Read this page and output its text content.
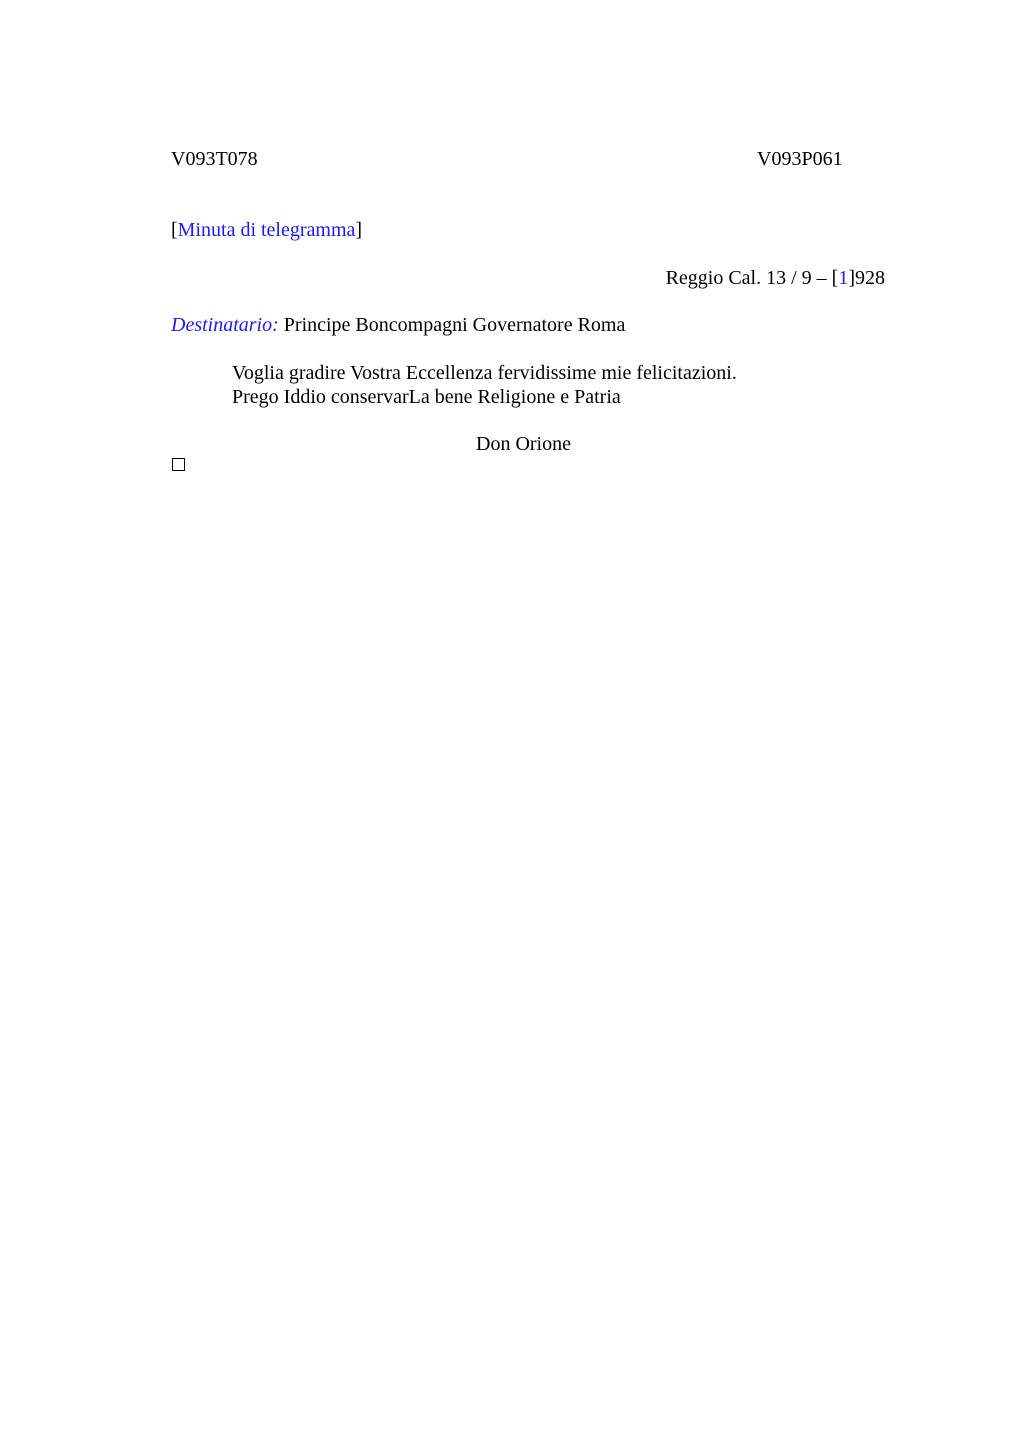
V093T078	V093P061
[Minuta di telegramma]
Reggio Cal. 13 / 9 – [1]928
Destinatario: Principe Boncompagni Governatore Roma
Voglia gradire Vostra Eccellenza fervidissime mie felicitazioni.
Prego Iddio conservarLa bene Religione e Patria
Don Orione
